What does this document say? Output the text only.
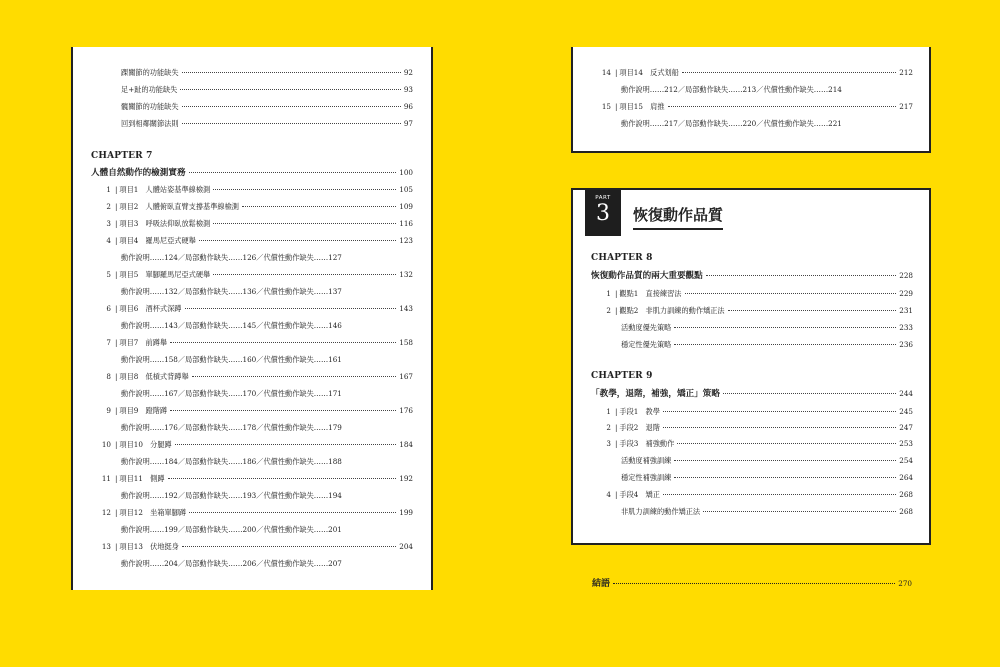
踝關節的功能缺失	92
足+趾的功能缺失	93
髖關節的功能缺失	96
回到相鄰關節法則	97
CHAPTER 7
人體自然動作的檢測實務	100
1 | 項目1　人體站姿基準線檢測	105
2 | 項目2　人體俯臥直臂支撐基準線檢測	109
3 | 項目3　呼吸法仰臥放鬆檢測	116
4 | 項目4　羅馬尼亞式硬舉	123
動作說明……124／局部動作缺失……126／代償性動作缺失……127
5 | 項目5　單腳羅馬尼亞式硬舉	132
動作說明……132／局部動作缺失……136／代償性動作缺失……137
6 | 項目6　酒杯式深蹲	143
動作說明……143／局部動作缺失……145／代償性動作缺失……146
7 | 項目7　前蹲舉	158
動作說明……158／局部動作缺失……160／代償性動作缺失……161
8 | 項目8　低槓式背蹲舉	167
動作說明……167／局部動作缺失……170／代償性動作缺失……171
9 | 項目9　蹬階蹲	176
動作說明……176／局部動作缺失……178／代償性動作缺失……179
10 | 項目10　分腿蹲	184
動作說明……184／局部動作缺失……186／代償性動作缺失……188
11 | 項目11　側蹲	192
動作說明……192／局部動作缺失……193／代償性動作缺失……194
12 | 項目12　坐箱單腳蹲	199
動作說明……199／局部動作缺失……200／代償性動作缺失……201
13 | 項目13　伏地挺身	204
動作說明……204／局部動作缺失……206／代償性動作缺失……207
14 | 項目14　反式划船	212
動作說明……212／局部動作缺失……213／代償性動作缺失……214
15 | 項目15　肩推	217
動作說明……217／局部動作缺失……220／代償性動作缺失……221
PART
3	恢復動作品質
CHAPTER 8
恢復動作品質的兩大重要觀點	228
1 | 觀點1　直接練習法	229
2 | 觀點2　非肌力訓練的動作矯正法	231
活動度優先策略	233
穩定性優先策略	236
CHAPTER 9
「教學，退階，補強，矯正」策略	244
1 | 手段1　教學	245
2 | 手段2　退階	247
3 | 手段3　補強動作	253
活動度補強訓練	254
穩定性補強訓練	264
4 | 手段4　矯正	268
非肌力訓練的動作矯正法	268
結語	270
